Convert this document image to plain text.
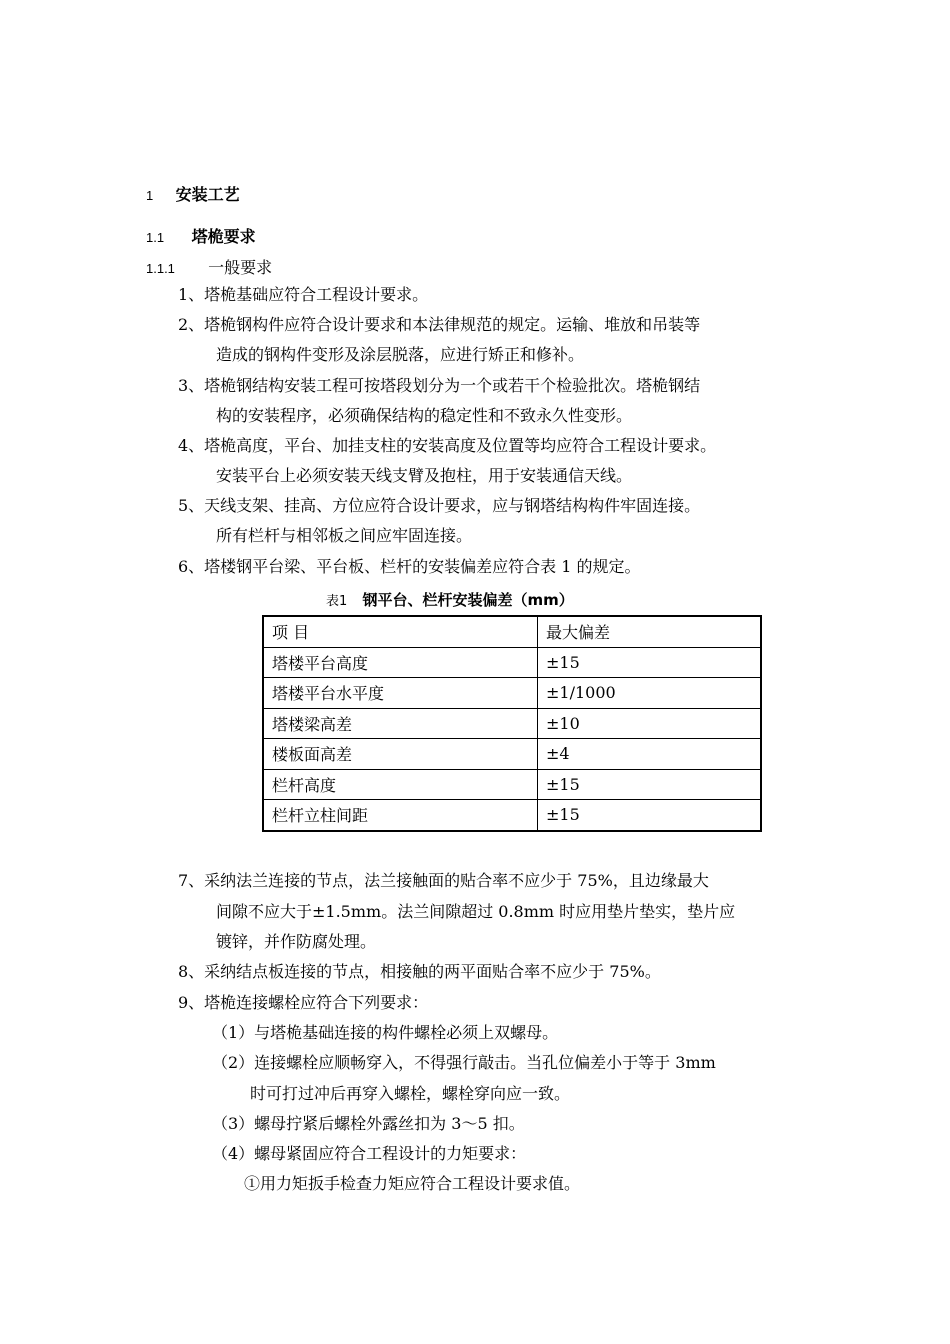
1 安装工艺
1.1 塔桅要求
1.1.1 一般要求
1、塔桅基础应符合工程设计要求。
2、塔桅钢构件应符合设计要求和本法律规范的规定。运输、堆放和吊装等
造成的钢构件变形及涂层脱落，应进行矫正和修补。
3、塔桅钢结构安装工程可按塔段划分为一个或若干个检验批次。塔桅钢结
构的安装程序，必须确保结构的稳定性和不致永久性变形。
4、塔桅高度，平台、加挂支柱的安装高度及位置等均应符合工程设计要求。
安装平台上必须安装天线支臂及抱柱，用于安装通信天线。
5、天线支架、挂高、方位应符合设计要求，应与钢塔结构构件牢固连接。
所有栏杆与相邻板之间应牢固连接。
6、塔楼钢平台梁、平台板、栏杆的安装偏差应符合表 1 的规定。
表1 钢平台、栏杆安装偏差（mm）
项 目	最大偏差
塔楼平台高度	±15
塔楼平台水平度	±1/1000
塔楼梁高差	±10
楼板面高差	±4
栏杆高度	±15
栏杆立柱间距	±15
7、采纳法兰连接的节点，法兰接触面的贴合率不应少于 75%，且边缘最大
间隙不应大于±1.5mm。法兰间隙超过 0.8mm 时应用垫片垫实，垫片应
镀锌，并作防腐处理。
8、采纳结点板连接的节点，相接触的两平面贴合率不应少于 75%。
9、塔桅连接螺栓应符合下列要求：
（1）与塔桅基础连接的构件螺栓必须上双螺母。
（2）连接螺栓应顺畅穿入，不得强行敲击。当孔位偏差小于等于 3mm
时可打过冲后再穿入螺栓，螺栓穿向应一致。
（3）螺母拧紧后螺栓外露丝扣为 3～5 扣。
（4）螺母紧固应符合工程设计的力矩要求：
①用力矩扳手检查力矩应符合工程设计要求值。
